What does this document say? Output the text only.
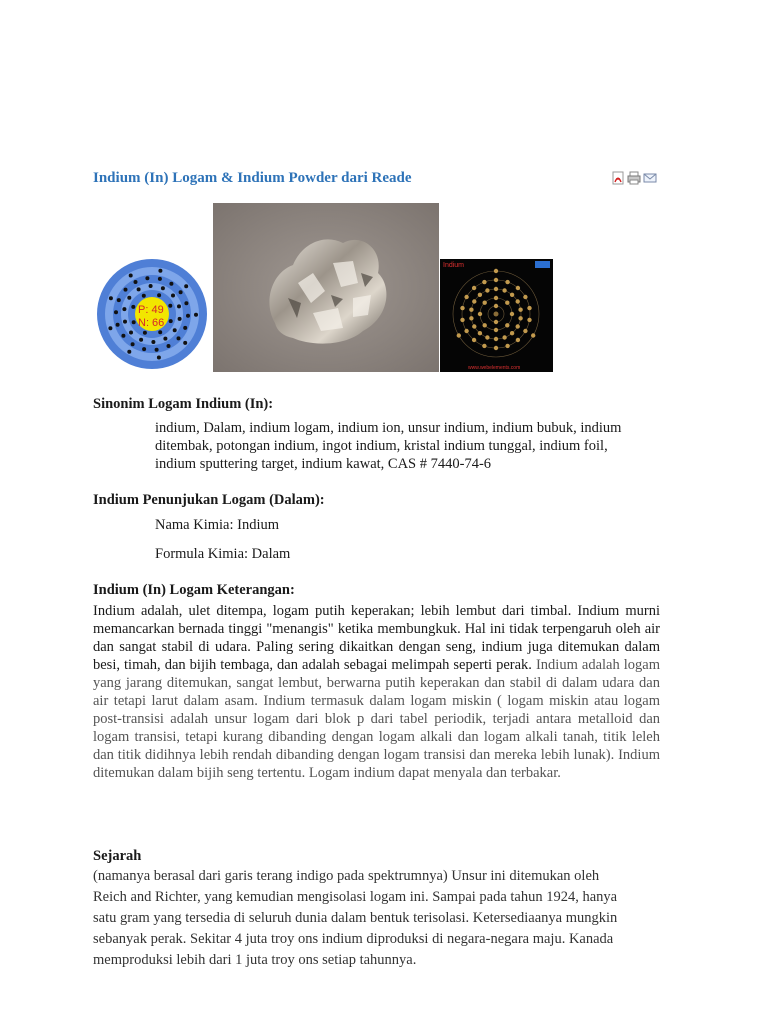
Indium (In) Logam & Indium Powder dari Reade
P: 49
N: 66
Indium
www.webelements.com
Sinonim Logam Indium (In):
indium, Dalam, indium logam, indium ion, unsur indium, indium bubuk, indium
ditembak, potongan indium, ingot indium, kristal indium tunggal, indium foil,
indium sputtering target, indium kawat, CAS # 7440-74-6
Indium Penunjukan Logam (Dalam):
Nama Kimia: Indium
Formula Kimia: Dalam
Indium (In) Logam Keterangan:
Indium adalah, ulet ditempa, logam putih keperakan; lebih lembut dari timbal. Indium murni memancarkan bernada tinggi "menangis" ketika membungkuk. Hal ini tidak terpengaruh oleh air dan sangat stabil di udara. Paling sering dikaitkan dengan seng, indium juga ditemukan dalam besi, timah, dan bijih tembaga, dan adalah sebagai melimpah seperti perak. Indium adalah logam yang jarang ditemukan, sangat lembut, berwarna putih keperakan dan stabil di dalam udara dan air tetapi larut dalam asam. Indium termasuk dalam logam miskin ( logam miskin atau logam post-transisi adalah unsur logam dari blok p dari tabel periodik, terjadi antara metalloid dan logam transisi, tetapi kurang dibanding dengan logam alkali dan logam alkali tanah, titik leleh dan titik didihnya lebih rendah dibanding dengan logam transisi dan mereka lebih lunak). Indium ditemukan dalam bijih seng tertentu. Logam indium dapat menyala dan terbakar.
Sejarah
(namanya berasal dari garis terang indigo pada spektrumnya) Unsur ini ditemukan oleh
Reich and Richter, yang kemudian mengisolasi logam ini. Sampai pada tahun 1924, hanya
satu gram yang tersedia di seluruh dunia dalam bentuk terisolasi. Ketersediaanya mungkin
sebanyak perak. Sekitar 4 juta troy ons indium diproduksi di negara-negara maju. Kanada
memproduksi lebih dari 1 juta troy ons setiap tahunnya.
